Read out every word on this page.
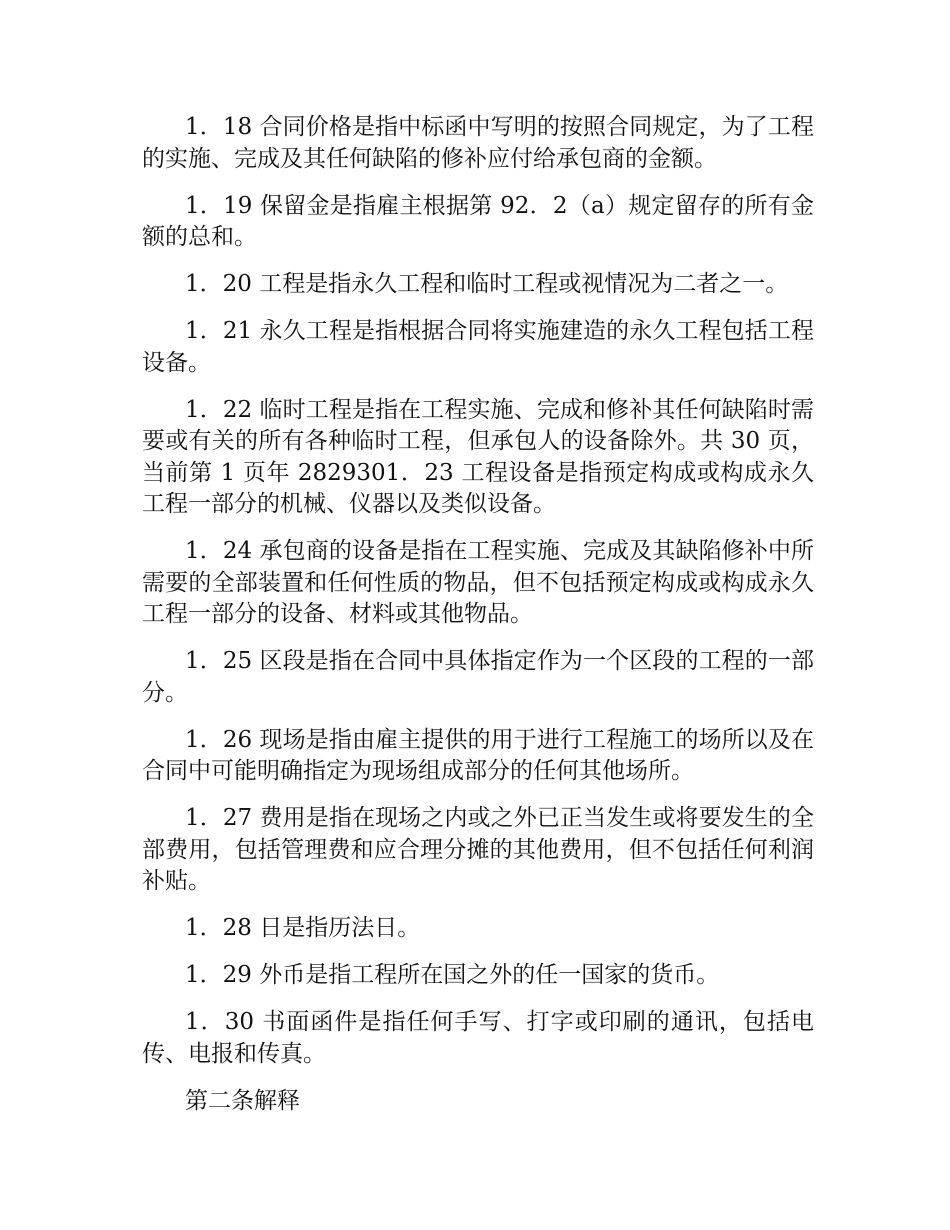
1．18 合同价格是指中标函中写明的按照合同规定，为了工程的实施、完成及其任何缺陷的修补应付给承包商的金额。

1．19 保留金是指雇主根据第 92．2（a）规定留存的所有金额的总和。

1．20 工程是指永久工程和临时工程或视情况为二者之一。

1．21 永久工程是指根据合同将实施建造的永久工程包括工程设备。

1．22 临时工程是指在工程实施、完成和修补其任何缺陷时需要或有关的所有各种临时工程，但承包人的设备除外。共 30 页，当前第 1 页年 2829301．23 工程设备是指预定构成或构成永久工程一部分的机械、仪器以及类似设备。

1．24 承包商的设备是指在工程实施、完成及其缺陷修补中所需要的全部装置和任何性质的物品，但不包括预定构成或构成永久工程一部分的设备、材料或其他物品。

1．25 区段是指在合同中具体指定作为一个区段的工程的一部分。

1．26 现场是指由雇主提供的用于进行工程施工的场所以及在合同中可能明确指定为现场组成部分的任何其他场所。

1．27 费用是指在现场之内或之外已正当发生或将要发生的全部费用，包括管理费和应合理分摊的其他费用，但不包括任何利润补贴。

1．28 日是指历法日。

1．29 外币是指工程所在国之外的任一国家的货币。

1．30 书面函件是指任何手写、打字或印刷的通讯，包括电传、电报和传真。

第二条解释
